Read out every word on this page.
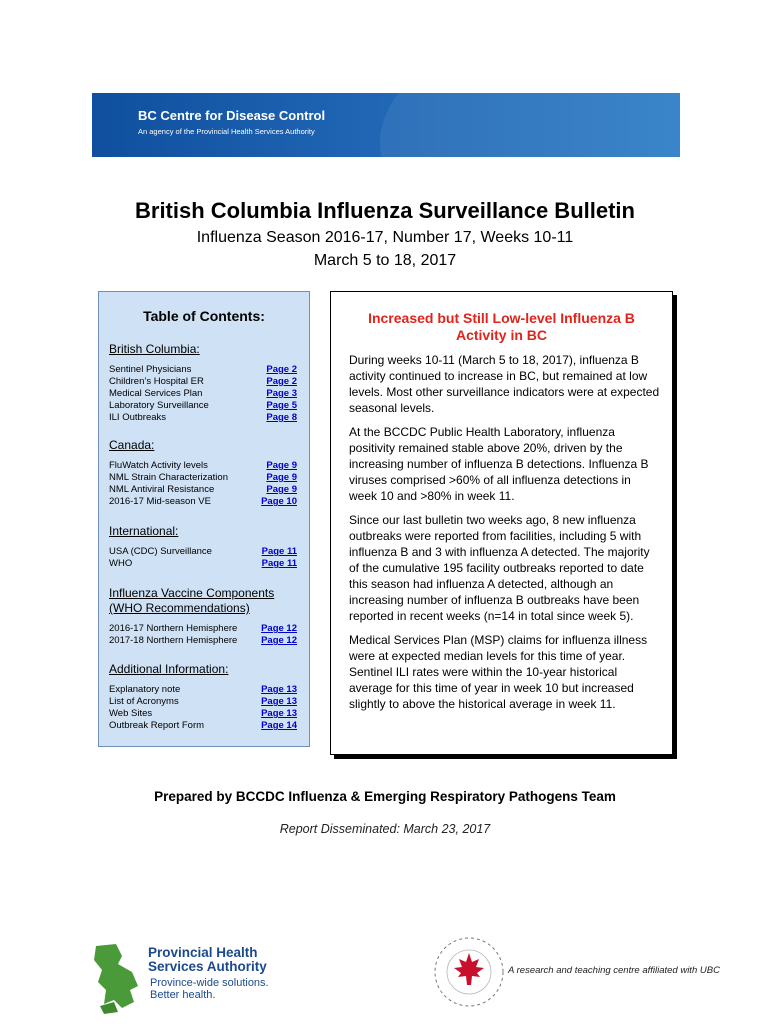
BC Centre for Disease Control
An agency of the Provincial Health Services Authority
British Columbia Influenza Surveillance Bulletin
Influenza Season 2016-17, Number 17, Weeks 10-11
March 5 to 18, 2017
Table of Contents:
British Columbia:
Sentinel Physicians	Page 2
Children’s Hospital ER	Page 2
Medical Services Plan	Page 3
Laboratory Surveillance	Page 5
ILI Outbreaks	Page 8
Canada:
FluWatch Activity levels	Page 9
NML Strain Characterization	Page 9
NML Antiviral Resistance	Page 9
2016-17 Mid-season VE	Page 10
International:
USA (CDC) Surveillance	Page 11
WHO	Page 11
Influenza Vaccine Components
(WHO Recommendations)
2016-17 Northern Hemisphere	Page 12
2017-18 Northern Hemisphere	Page 12
Additional Information:
Explanatory note	Page 13
List of Acronyms	Page 13
Web Sites	Page 13
Outbreak Report Form	Page 14
Increased but Still Low-level Influenza B Activity in BC

During weeks 10-11 (March 5 to 18, 2017), influenza B activity continued to increase in BC, but remained at low levels. Most other surveillance indicators were at expected seasonal levels.

At the BCCDC Public Health Laboratory, influenza positivity remained stable above 20%, driven by the increasing number of influenza B detections. Influenza B viruses comprised >60% of all influenza detections in week 10 and >80% in week 11.

Since our last bulletin two weeks ago, 8 new influenza outbreaks were reported from facilities, including 5 with influenza B and 3 with influenza A detected. The majority of the cumulative 195 facility outbreaks reported to date this season had influenza A detected, although an increasing number of influenza B outbreaks have been reported in recent weeks (n=14 in total since week 5).

Medical Services Plan (MSP) claims for influenza illness were at expected median levels for this time of year. Sentinel ILI rates were within the 10-year historical average for this time of year in week 10 but increased slightly to above the historical average in week 11.

Prepared by BCCDC Influenza & Emerging Respiratory Pathogens Team
Report Disseminated: March 23, 2017
Provincial Health
Services Authority
Province-wide solutions.
Better health.
A research and teaching centre affiliated with UBC
